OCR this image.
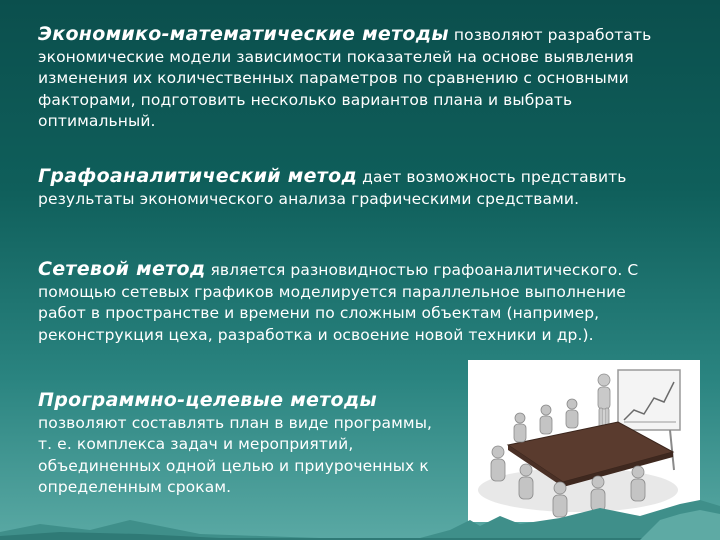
Экономико-математические методы позволяют разработать экономические модели зависимости показателей на основе выявления изменения их количественных параметров по сравнению с основными факторами, подготовить несколько вариантов плана и выбрать оптимальный.

Графоаналитический метод дает возможность представить результаты экономического анализа графическими средствами.

Сетевой метод является разновидностью графоаналитического. С помощью сетевых графиков моделируется параллельное выполнение работ в пространстве и времени по сложным объектам (например, реконструкция цеха, разработка и освоение новой техники и др.).

Программно-целевые методы позволяют составлять план в виде программы, т. е. комплекса задач и мероприятий, объединенных одной целью и приуроченных к определенным срокам.
